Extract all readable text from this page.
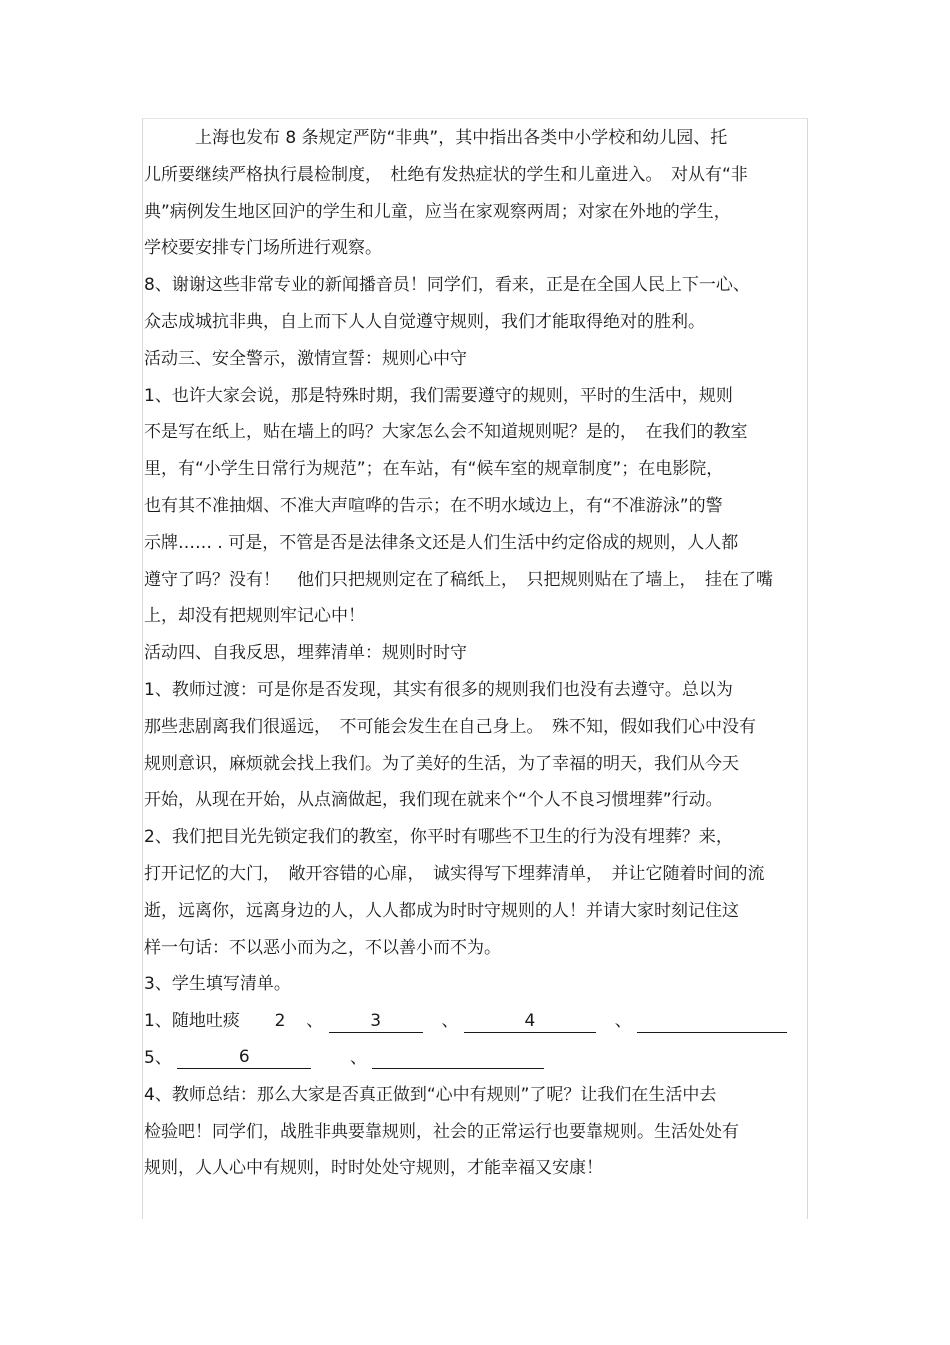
　　　上海也发布 8 条规定严防“非典”，其中指出各类中小学校和幼儿园、托
儿所要继续严格执行晨检制度，　杜绝有发热症状的学生和儿童进入。　对从有“非
典”病例发生地区回沪的学生和儿童，应当在家观察两周；对家在外地的学生，
学校要安排专门场所进行观察。
8、谢谢这些非常专业的新闻播音员！同学们，看来，正是在全国人民上下一心、
众志成城抗非典，自上而下人人自觉遵守规则，我们才能取得绝对的胜利。
活动三、安全警示，激情宣誓：规则心中守
1、也许大家会说，那是特殊时期，我们需要遵守的规则，平时的生活中，规则
不是写在纸上，贴在墙上的吗？大家怎么会不知道规则呢？是的，　在我们的教室
里，有“小学生日常行为规范”；在车站，有“候车室的规章制度”；在电影院，
也有其不准抽烟、不准大声喧哗的告示；在不明水域边上，有“不准游泳”的警
示牌…… . 可是，不管是否是法律条文还是人们生活中约定俗成的规则，人人都
遵守了吗？没有！　他们只把规则定在了稿纸上，　只把规则贴在了墙上，　挂在了嘴
上，却没有把规则牢记心中！
活动四、自我反思，埋葬清单：规则时时守
1、教师过渡：可是你是否发现，其实有很多的规则我们也没有去遵守。总以为
那些悲剧离我们很遥远，　不可能会发生在自己身上。　殊不知，假如我们心中没有
规则意识，麻烦就会找上我们。为了美好的生活，为了幸福的明天，我们从今天
开始，从现在开始，从点滴做起，我们现在就来个“个人不良习惯埋葬”行动。
2、我们把目光先锁定我们的教室，你平时有哪些不卫生的行为没有埋葬？来，
打开记忆的大门，　敞开容错的心扉，　诚实得写下埋葬清单，　并让它随着时间的流
逝，远离你，远离身边的人，人人都成为时时守规则的人！并请大家时刻记住这
样一句话：不以恶小而为之，不以善小而不为。
3、学生填写清单。
1、随地吐痰 2 、	3	、	4	、
5、	6	、
4、教师总结：那么大家是否真正做到“心中有规则”了呢？让我们在生活中去
检验吧！同学们，战胜非典要靠规则，社会的正常运行也要靠规则。生活处处有
规则，人人心中有规则，时时处处守规则，才能幸福又安康！
